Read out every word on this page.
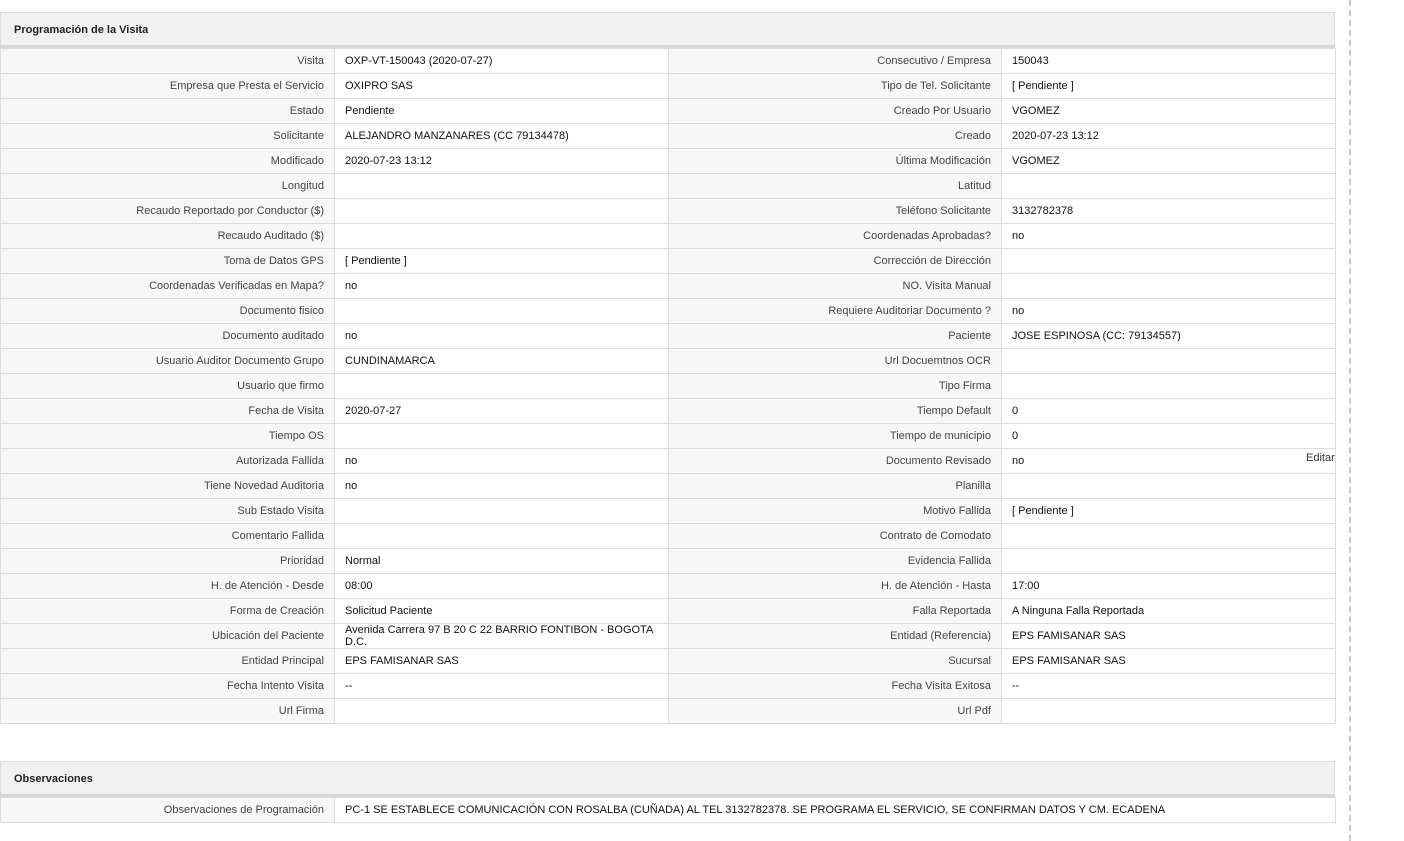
Programación de la Visita
Visita	OXP-VT-150043 (2020-07-27)	Consecutivo / Empresa	150043
Empresa que Presta el Servicio	OXIPRO SAS	Tipo de Tel. Solicitante	[ Pendiente ]
Estado	Pendiente	Creado Por Usuario	VGOMEZ
Solicitante	ALEJANDRO MANZANARES (CC 79134478)	Creado	2020-07-23 13:12
Modificado	2020-07-23 13:12	Última Modificación	VGOMEZ
Longitud		Latitud	
Recaudo Reportado por Conductor ($)		Teléfono Solicitante	3132782378
Recaudo Auditado ($)		Coordenadas Aprobadas?	no
Toma de Datos GPS	[ Pendiente ]	Corrección de Dirección	
Coordenadas Verificadas en Mapa?	no	NO. Visita Manual	
Documento fisico		Requiere Auditoriar Documento ?	no
Documento auditado	no	Paciente	JOSE ESPINOSA (CC: 79134557)
Usuario Auditor Documento Grupo	CUNDINAMARCA	Url Docuemtnos OCR	
Usuario que firmo		Tipo Firma	
Fecha de Visita	2020-07-27	Tiempo Default	0
Tiempo OS		Tiempo de municipio	0
Autorizada Fallida	no	Documento Revisado	no
Tiene Novedad Auditoria	no	Planilla	
Sub Estado Visita		Motivo Fallida	[ Pendiente ]
Comentario Fallida		Contrato de Comodato	
Prioridad	Normal	Evidencia Fallida	
H. de Atención - Desde	08:00	H. de Atención - Hasta	17:00
Forma de Creación	Solicitud Paciente	Falla Reportada	A Ninguna Falla Reportada
Ubicación del Paciente	Avenida Carrera 97 B 20 C 22 BARRIO FONTIBON - BOGOTA D.C.	Entidad (Referencia)	EPS FAMISANAR SAS
Entidad Principal	EPS FAMISANAR SAS	Sucursal	EPS FAMISANAR SAS
Fecha Intento Visita	--	Fecha Visita Exitosa	--
Url Firma		Url Pdf	
Editar
Observaciones
Observaciones de Programación	PC-1 SE ESTABLECE COMUNICACIÓN CON ROSALBA (CUÑADA) AL TEL 3132782378. SE PROGRAMA EL SERVICIO, SE CONFIRMAN DATOS Y CM. ECADENA
